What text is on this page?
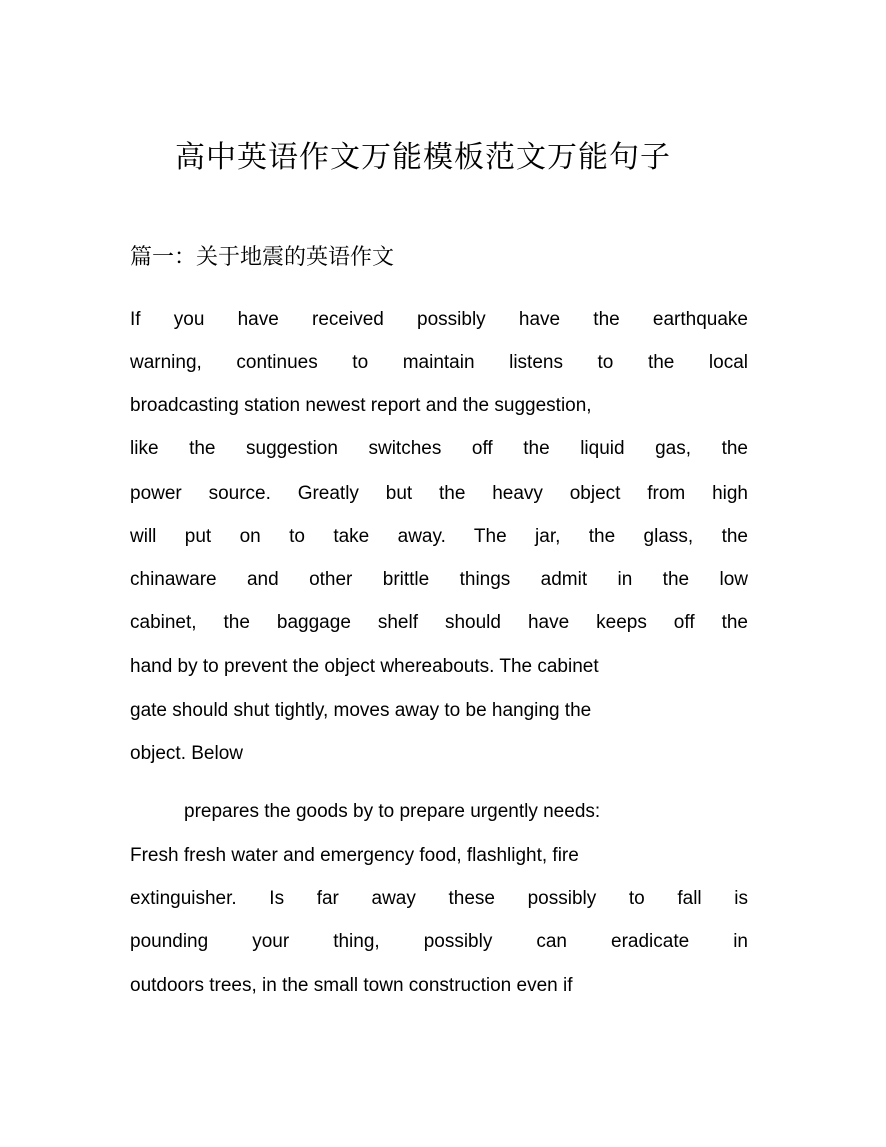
高中英语作文万能模板范文万能句子
篇一：关于地震的英语作文

If you have received possibly have the earthquake

warning, continues to maintain listens to the local

broadcasting station newest report and the suggestion,

like the suggestion switches off the liquid gas, the

power source. Greatly but the heavy object from high

will put on to take away. The jar, the glass, the

chinaware and other brittle things admit in the low

cabinet, the baggage shelf should have keeps off the

hand by to prevent the object whereabouts. The cabinet

gate should shut tightly, moves away to be hanging the

object. Below

prepares the goods by to prepare urgently needs:

Fresh fresh water and emergency food, flashlight, fire

extinguisher. Is far away these possibly to fall is

pounding your thing, possibly can eradicate in

outdoors trees, in the small town construction even if
